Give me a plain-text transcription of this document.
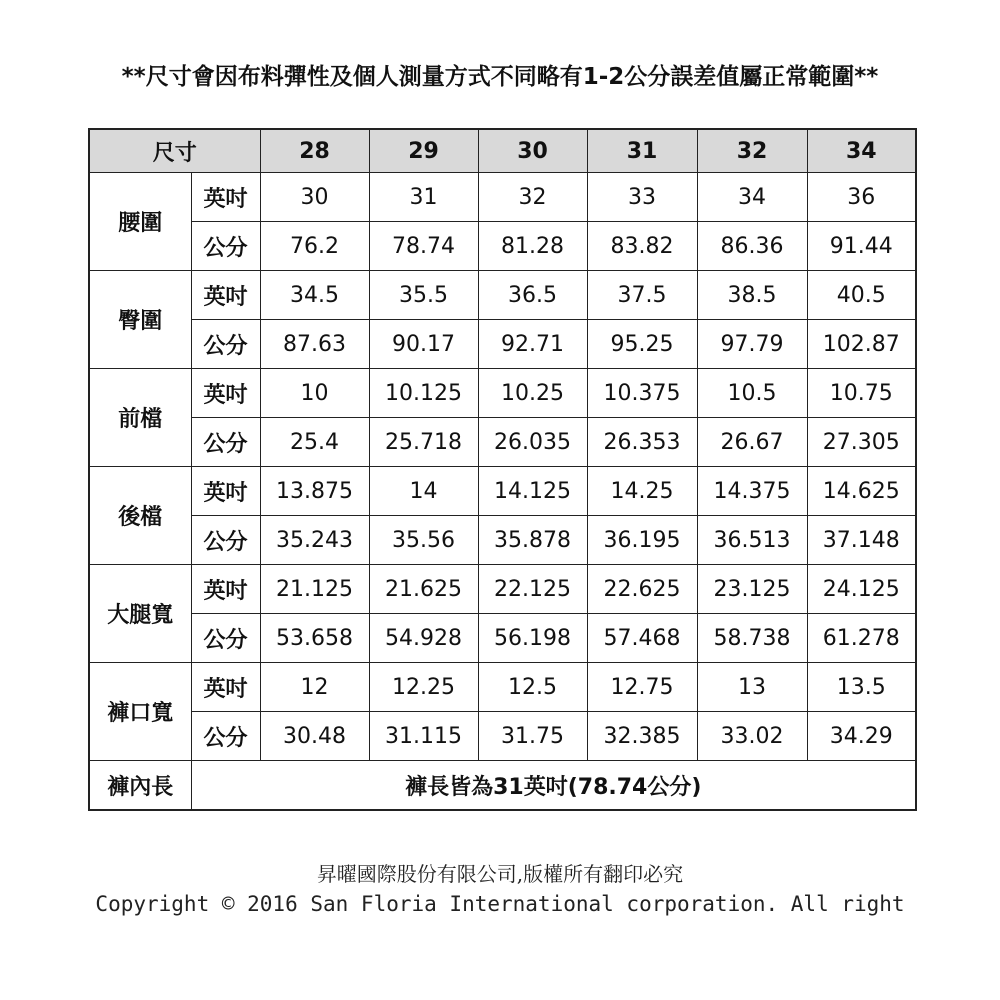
**尺寸會因布料彈性及個人測量方式不同略有1-2公分誤差值屬正常範圍**
尺寸		28	29	30	31	32	34
腰圍	英吋	30	31	32	33	34	36
	公分	76.2	78.74	81.28	83.82	86.36	91.44
臀圍	英吋	34.5	35.5	36.5	37.5	38.5	40.5
	公分	87.63	90.17	92.71	95.25	97.79	102.87
前檔	英吋	10	10.125	10.25	10.375	10.5	10.75
	公分	25.4	25.718	26.035	26.353	26.67	27.305
後檔	英吋	13.875	14	14.125	14.25	14.375	14.625
	公分	35.243	35.56	35.878	36.195	36.513	37.148
大腿寬	英吋	21.125	21.625	22.125	22.625	23.125	24.125
	公分	53.658	54.928	56.198	57.468	58.738	61.278
褲口寬	英吋	12	12.25	12.5	12.75	13	13.5
	公分	30.48	31.115	31.75	32.385	33.02	34.29
褲內長	褲長皆為31英吋(78.74公分)						
昇曜國際股份有限公司,版權所有翻印必究
Copyright © 2016 San Floria International corporation. All right
